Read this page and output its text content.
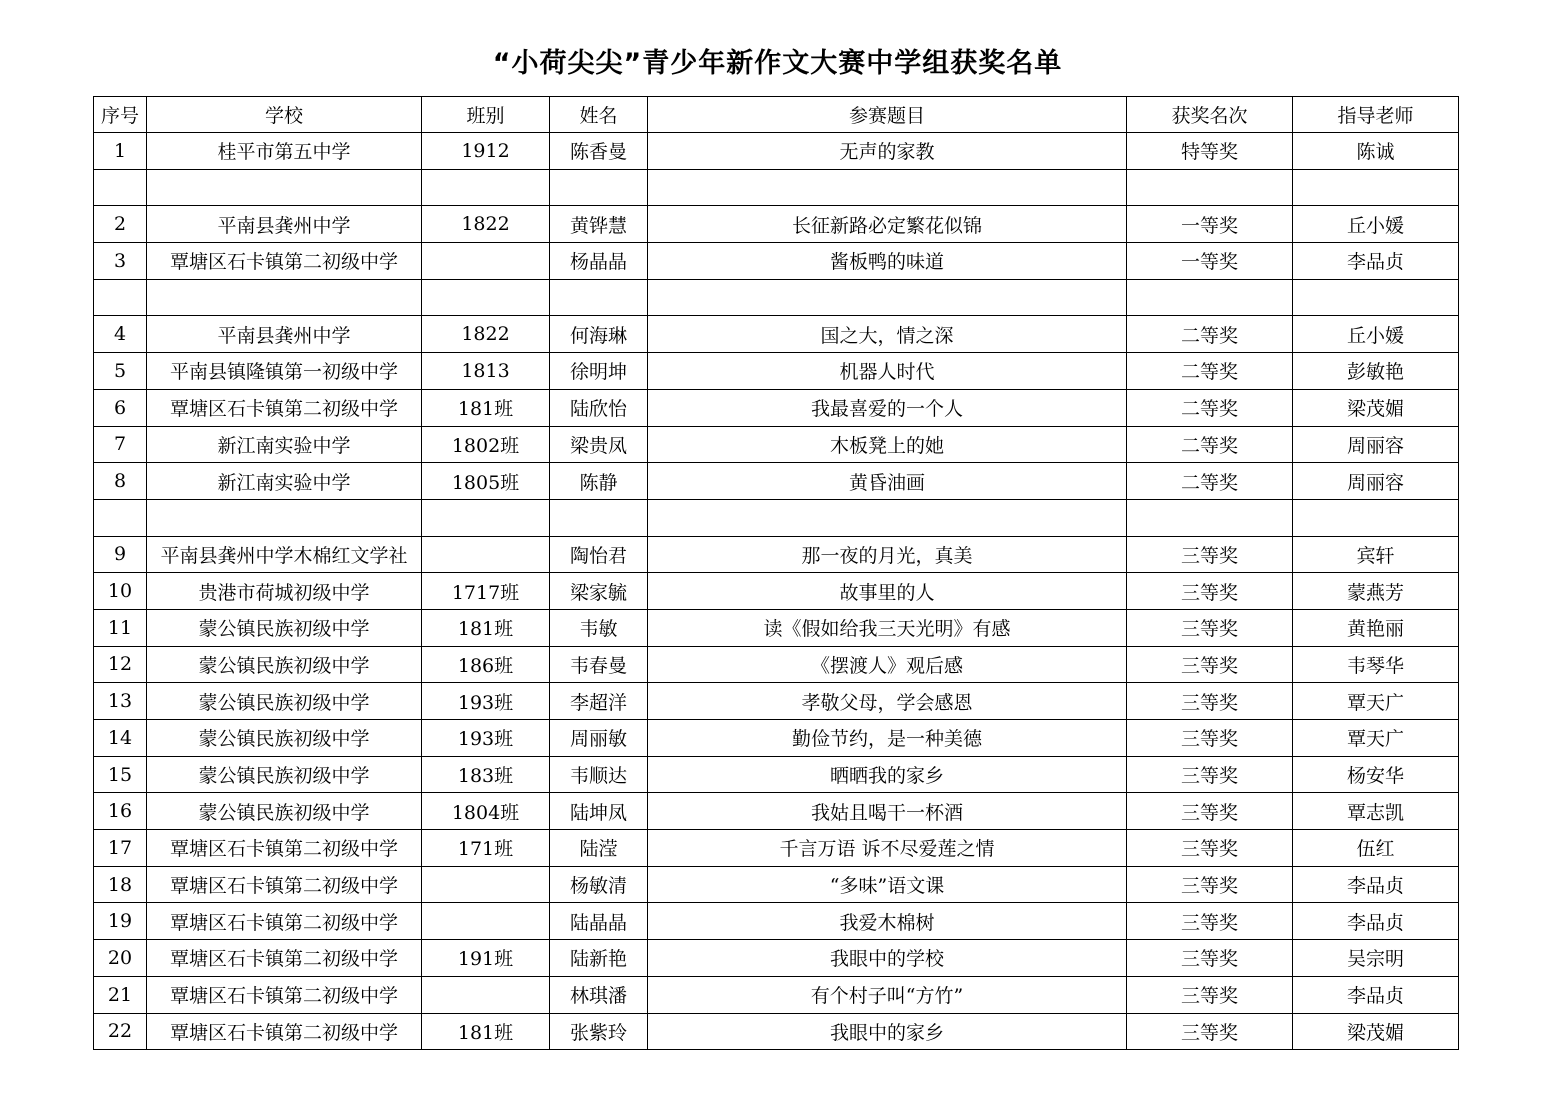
“小荷尖尖”青少年新作文大赛中学组获奖名单
序号	学校	班别	姓名	参赛题目	获奖名次	指导老师
1	桂平市第五中学	1912	陈香曼	无声的家教	特等奖	陈诚

2	平南县龚州中学	1822	黄铧慧	长征新路必定繁花似锦	一等奖	丘小媛
3	覃塘区石卡镇第二初级中学		杨晶晶	酱板鸭的味道	一等奖	李品贞

4	平南县龚州中学	1822	何海琳	国之大，情之深	二等奖	丘小媛
5	平南县镇隆镇第一初级中学	1813	徐明坤	机器人时代	二等奖	彭敏艳
6	覃塘区石卡镇第二初级中学	181班	陆欣怡	我最喜爱的一个人	二等奖	梁茂媚
7	新江南实验中学	1802班	梁贵凤	木板凳上的她	二等奖	周丽容
8	新江南实验中学	1805班	陈静	黄昏油画	二等奖	周丽容

9	平南县龚州中学木棉红文学社		陶怡君	那一夜的月光，真美	三等奖	宾轩
10	贵港市荷城初级中学	1717班	梁家毓	故事里的人	三等奖	蒙燕芳
11	蒙公镇民族初级中学	181班	韦敏	读《假如给我三天光明》有感	三等奖	黄艳丽
12	蒙公镇民族初级中学	186班	韦春曼	《摆渡人》观后感	三等奖	韦琴华
13	蒙公镇民族初级中学	193班	李超洋	孝敬父母，学会感恩	三等奖	覃天广
14	蒙公镇民族初级中学	193班	周丽敏	勤俭节约，是一种美德	三等奖	覃天广
15	蒙公镇民族初级中学	183班	韦顺达	晒晒我的家乡	三等奖	杨安华
16	蒙公镇民族初级中学	1804班	陆坤凤	我姑且喝干一杯酒	三等奖	覃志凯
17	覃塘区石卡镇第二初级中学	171班	陆滢	千言万语 诉不尽爱莲之情	三等奖	伍红
18	覃塘区石卡镇第二初级中学		杨敏清	“多味”语文课	三等奖	李品贞
19	覃塘区石卡镇第二初级中学		陆晶晶	我爱木棉树	三等奖	李品贞
20	覃塘区石卡镇第二初级中学	191班	陆新艳	我眼中的学校	三等奖	吴宗明
21	覃塘区石卡镇第二初级中学		林琪潘	有个村子叫“方竹”	三等奖	李品贞
22	覃塘区石卡镇第二初级中学	181班	张紫玲	我眼中的家乡	三等奖	梁茂媚
